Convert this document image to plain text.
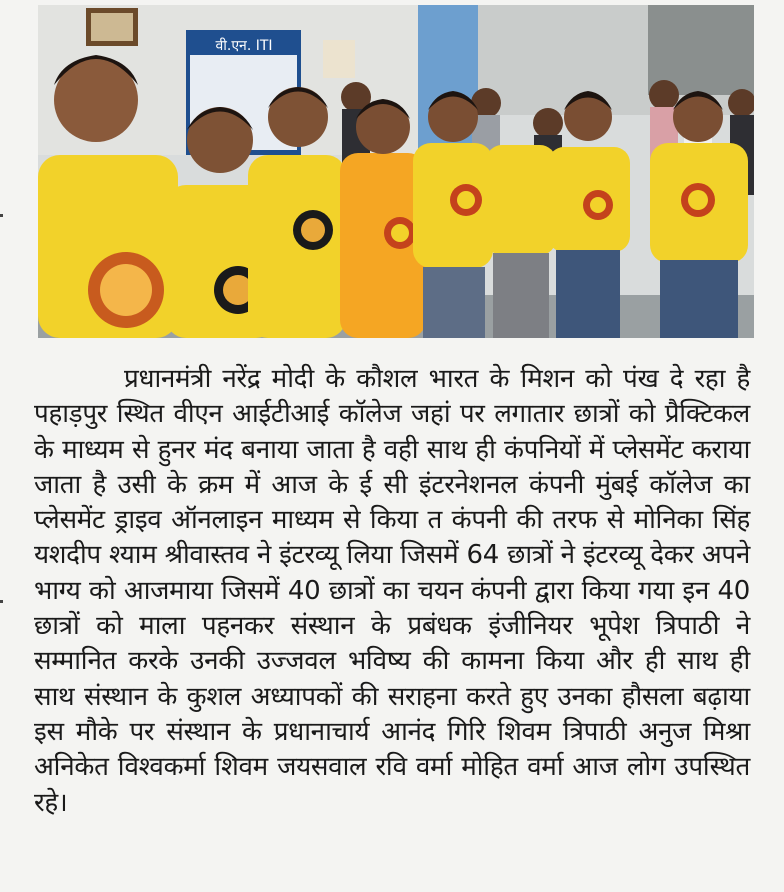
वी.एन. ITI

प्रधानमंत्री नरेंद्र मोदी के कौशल भारत के मिशन को पंख दे रहा है पहाड़पुर स्थित वीएन आईटीआई कॉलेज जहां पर लगातार छात्रों को प्रैक्टिकल के माध्यम से हुनर मंद बनाया जाता है वही साथ ही कंपनियों में प्लेसमेंट कराया जाता है उसी के क्रम में आज के ई सी इंटरनेशनल कंपनी मुंबई कॉलेज का प्लेसमेंट ड्राइव ऑनलाइन माध्यम से किया त कंपनी की तरफ से मोनिका सिंह यशदीप श्याम श्रीवास्तव ने इंटरव्यू लिया जिसमें 64 छात्रों ने इंटरव्यू देकर अपने भाग्य को आजमाया जिसमें 40 छात्रों का चयन कंपनी द्वारा किया गया इन 40 छात्रों को माला पहनकर संस्थान के प्रबंधक इंजीनियर भूपेश त्रिपाठी ने सम्मानित करके उनकी उज्जवल भविष्य की कामना किया और ही साथ ही साथ संस्थान के कुशल अध्यापकों की सराहना करते हुए उनका हौसला बढ़ाया इस मौके पर संस्थान के प्रधानाचार्य आनंद गिरि शिवम त्रिपाठी अनुज मिश्रा अनिकेत विश्वकर्मा शिवम जयसवाल रवि वर्मा मोहित वर्मा आज लोग उपस्थित रहे।
